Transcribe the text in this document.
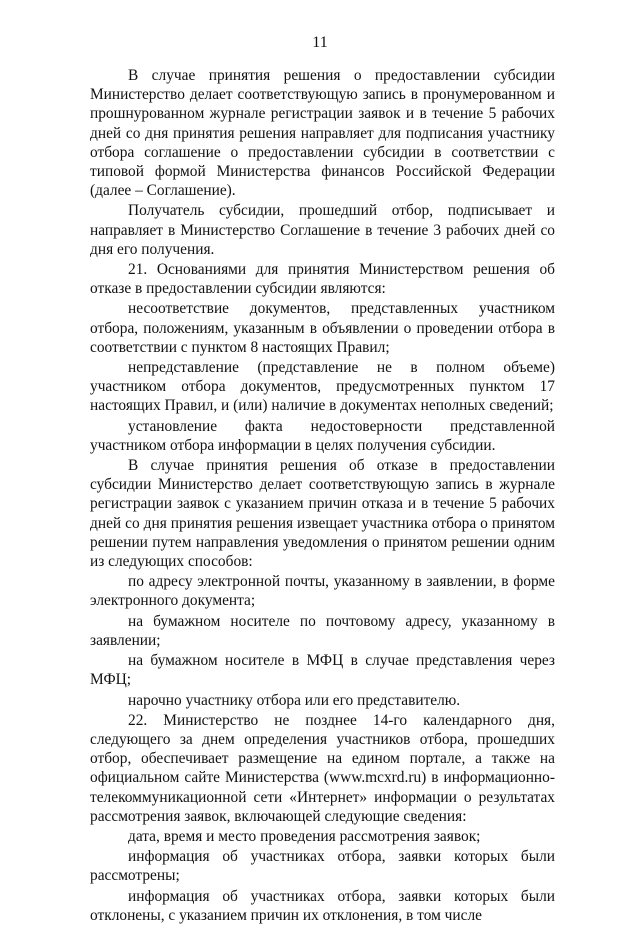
11

В случае принятия решения о предоставлении субсидии Министерство делает соответствующую запись в пронумерованном и прошнурованном журнале регистрации заявок и в течение 5 рабочих дней со дня принятия решения направляет для подписания участнику отбора соглашение о предоставлении субсидии в соответствии с типовой формой Министерства финансов Российской Федерации (далее – Соглашение).

Получатель субсидии, прошедший отбор, подписывает и направляет в Министерство Соглашение в течение 3 рабочих дней со дня его получения.

21. Основаниями для принятия Министерством решения об отказе в предоставлении субсидии являются:

несоответствие документов, представленных участником отбора, положениям, указанным в объявлении о проведении отбора в соответствии с пунктом 8 настоящих Правил;

непредставление (представление не в полном объеме) участником отбора документов, предусмотренных пунктом 17 настоящих Правил, и (или) наличие в документах неполных сведений;

установление факта недостоверности представленной участником отбора информации в целях получения субсидии.

В случае принятия решения об отказе в предоставлении субсидии Министерство делает соответствующую запись в журнале регистрации заявок с указанием причин отказа и в течение 5 рабочих дней со дня принятия решения извещает участника отбора о принятом решении путем направления уведомления о принятом решении одним из следующих способов:

по адресу электронной почты, указанному в заявлении, в форме электронного документа;

на бумажном носителе по почтовому адресу, указанному в заявлении;

на бумажном носителе в МФЦ в случае представления через МФЦ;

нарочно участнику отбора или его представителю.

22. Министерство не позднее 14-го календарного дня, следующего за днем определения участников отбора, прошедших отбор, обеспечивает размещение на едином портале, а также на официальном сайте Министерства (www.mcxrd.ru) в информационно-телекоммуникационной сети «Интернет» информации о результатах рассмотрения заявок, включающей следующие сведения:

дата, время и место проведения рассмотрения заявок;

информация об участниках отбора, заявки которых были рассмотрены;

информация об участниках отбора, заявки которых были отклонены, с указанием причин их отклонения, в том числе
